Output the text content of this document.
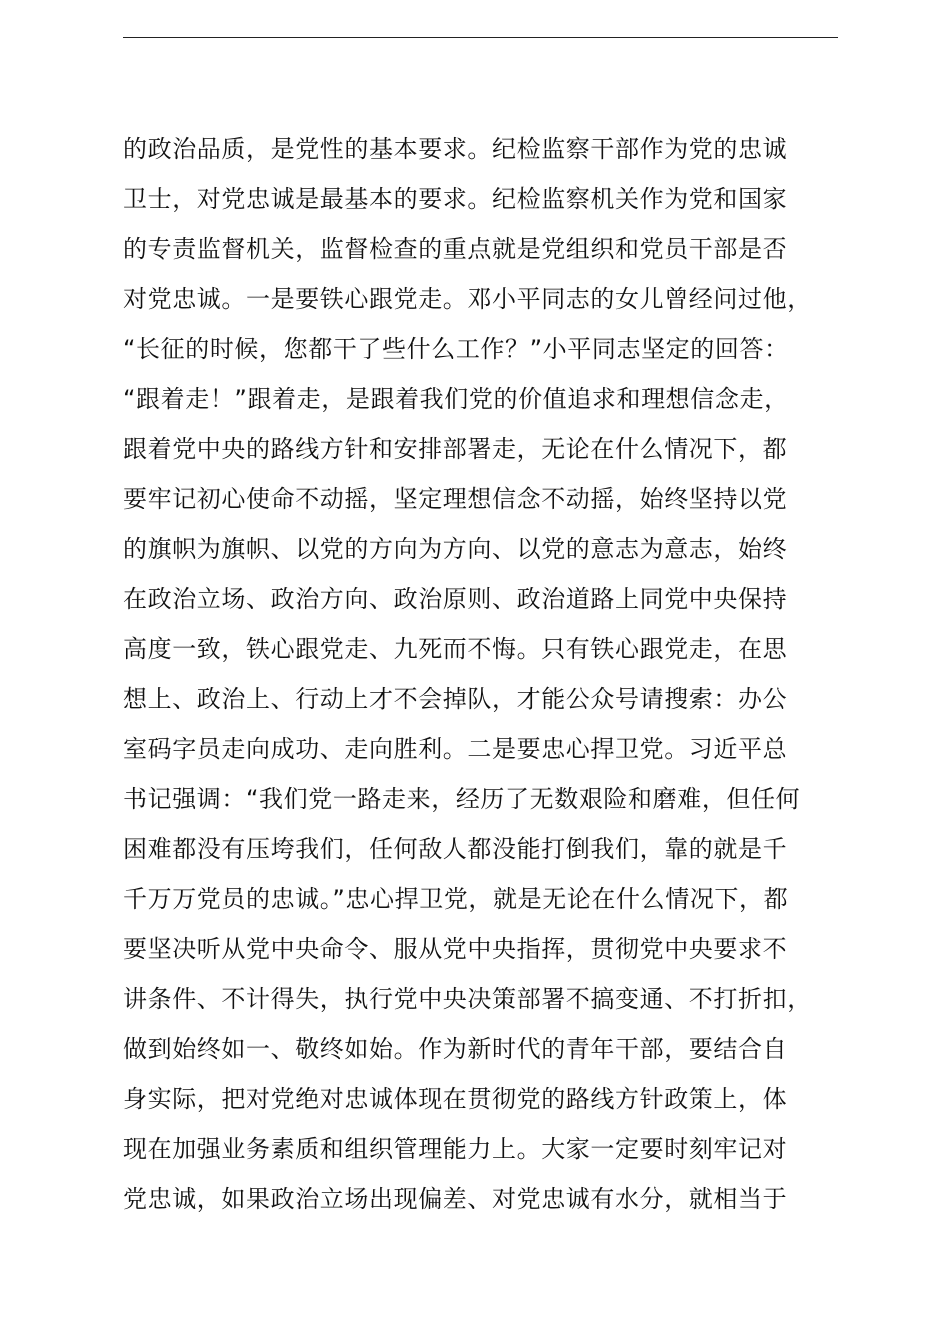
的政治品质，是党性的基本要求。纪检监察干部作为党的忠诚
卫士，对党忠诚是最基本的要求。纪检监察机关作为党和国家
的专责监督机关，监督检查的重点就是党组织和党员干部是否
对党忠诚。一是要铁心跟党走。邓小平同志的女儿曾经问过他，
“长征的时候，您都干了些什么工作？”小平同志坚定的回答：
“跟着走！”跟着走，是跟着我们党的价值追求和理想信念走，
跟着党中央的路线方针和安排部署走，无论在什么情况下，都
要牢记初心使命不动摇，坚定理想信念不动摇，始终坚持以党
的旗帜为旗帜、以党的方向为方向、以党的意志为意志，始终
在政治立场、政治方向、政治原则、政治道路上同党中央保持
高度一致，铁心跟党走、九死而不悔。只有铁心跟党走，在思
想上、政治上、行动上才不会掉队，才能公众号请搜索：办公
室码字员走向成功、走向胜利。二是要忠心捍卫党。习近平总
书记强调：“我们党一路走来，经历了无数艰险和磨难，但任何
困难都没有压垮我们，任何敌人都没能打倒我们，靠的就是千
千万万党员的忠诚。”忠心捍卫党，就是无论在什么情况下，都
要坚决听从党中央命令、服从党中央指挥，贯彻党中央要求不
讲条件、不计得失，执行党中央决策部署不搞变通、不打折扣，
做到始终如一、敬终如始。作为新时代的青年干部，要结合自
身实际，把对党绝对忠诚体现在贯彻党的路线方针政策上，体
现在加强业务素质和组织管理能力上。大家一定要时刻牢记对
党忠诚，如果政治立场出现偏差、对党忠诚有水分，就相当于
